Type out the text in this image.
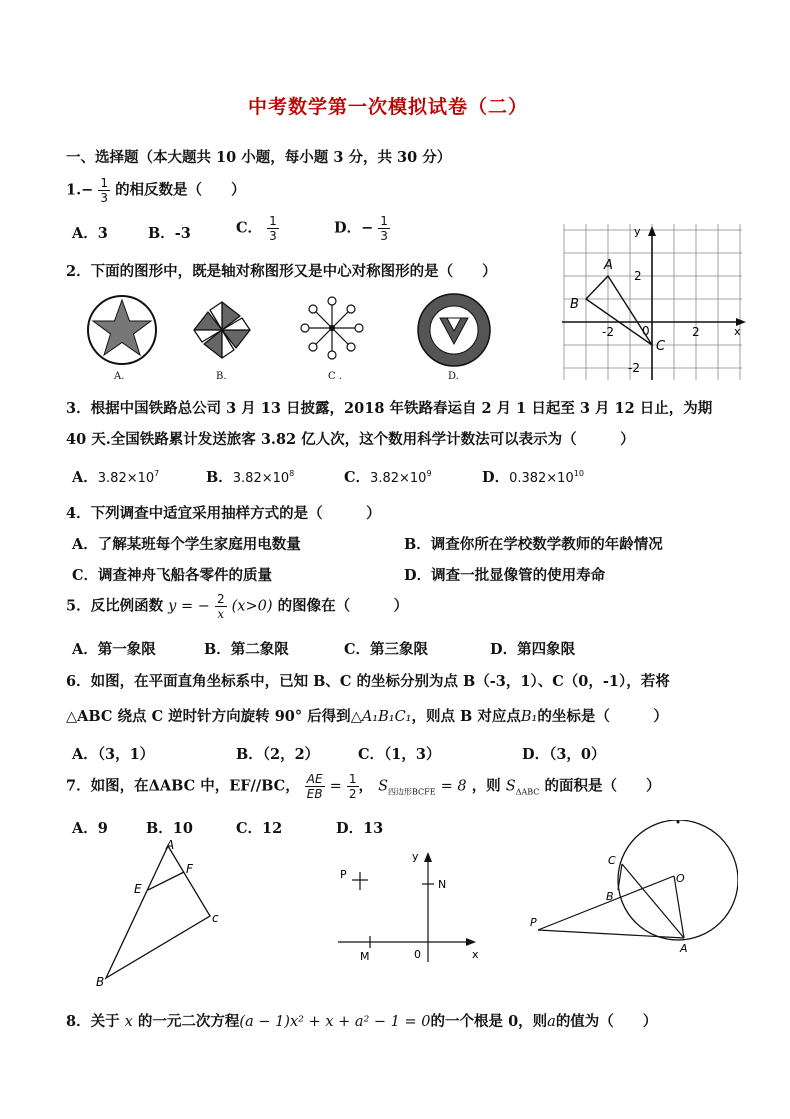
中考数学第一次模拟试卷（二）
一、选择题（本大题共 10 小题，每小题 3 分，共 30 分）
$1.- \frac{1}{3}$ 的相反数是（　　）
A．3	B．-3	C． $\frac{1}{3}$	D．− $\frac{1}{3}$
2．下面的图形中，既是轴对称图形又是中心对称图形的是（　　）
A.	B.	C .	D.
y
x
A
B
C
2
-2
0	2
-2
3．根据中国铁路总公司 3 月 13 日披露，2018 年铁路春运自 2 月 1 日起至 3 月 12 日止，为期
40 天.全国铁路累计发送旅客 3.82 亿人次，这个数用科学计数法可以表示为（　　　）
A．$3.82\times 10^7$	B．$3.82\times 10^8$	C．$3.82\times 10^9$	D．$0.382\times 10^{10}$
4．下列调查中适宜采用抽样方式的是（　　　）
A．了解某班每个学生家庭用电数量	B．调查你所在学校数学教师的年龄情况
C．调查神舟飞船各零件的质量	D．调查一批显像管的使用寿命
5．反比例函数 y = − $\frac{2}{x} (x>0)$ 的图像在（　　　）
A．第一象限	B．第二象限	C．第三象限	D．第四象限
6．如图，在平面直角坐标系中，已知 B、C 的坐标分别为点 B（-3，1）、C（0，-1），若将
△ABC 绕点 C 逆时针方向旋转 90° 后得到△A₁B₁C₁，则点 B 对应点B₁的坐标是（　　　）
A．（3，1）	B．（2，2）	C．（1，3）	D．（3，0）
7．如图，在ΔABC 中，EF//BC， $\frac{AE}{EB} = \frac{1}{2}$ ， $S_{四边形BCFE} = 8$ ，则 $S_{\Delta ABC}$ 的面积是（　　）
A．9	B．10	C．12	D．13
A
F
E
c
B
P
N
M
y
x
0
C
O
B
P
A
8．关于 x 的一元二次方程(a − 1)x² + x + a² − 1 = 0的一个根是 0，则a的值为（　　）
